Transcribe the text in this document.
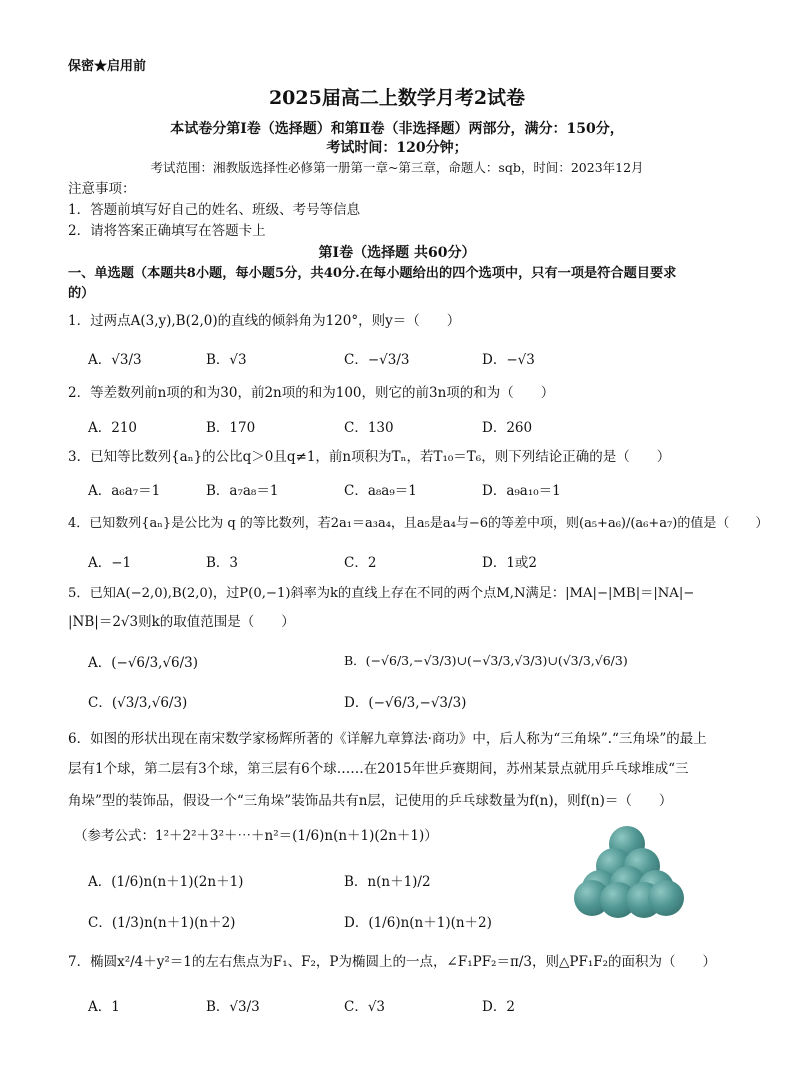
保密★启用前
2025届高二上数学月考2试卷
本试卷分第Ⅰ卷（选择题）和第Ⅱ卷（非选择题）两部分，满分：150分，
考试时间：120分钟；
考试范围：湘教版选择性必修第一册第一章~第三章，命题人：sqb，时间：2023年12月
注意事项：
1．答题前填写好自己的姓名、班级、考号等信息
2．请将答案正确填写在答题卡上
第Ⅰ卷（选择题 共60分）
一、单选题（本题共8小题，每小题5分，共40分.在每小题给出的四个选项中，只有一项是符合题目要求
的）
1．过两点A(3,y),B(2,0)的直线的倾斜角为120°，则y＝（　　）
A．√3/3	B．√3	C．−√3/3	D．−√3
2．等差数列前n项的和为30，前2n项的和为100，则它的前3n项的和为（　　）
A．210	B．170	C．130	D．260
3．已知等比数列{aₙ}的公比q＞0且q≠1，前n项积为Tₙ，若T₁₀＝T₆，则下列结论正确的是（　　）
A．a₆a₇＝1	B．a₇a₈＝1	C．a₈a₉＝1	D．a₉a₁₀＝1
4．已知数列{aₙ}是公比为 q 的等比数列，若2a₁＝a₃a₄，且a₅是a₄与−6的等差中项，则(a₅+a₆)/(a₆+a₇)的值是（　　）
A．−1	B．3	C．2	D．1或2
5．已知A(−2,0),B(2,0)，过P(0,−1)斜率为k的直线上存在不同的两个点M,N满足：|MA|−|MB|＝|NA|−
|NB|＝2√3则k的取值范围是（　　）
A．(−√6/3,√6/3)	B．(−√6/3,−√3/3)∪(−√3/3,√3/3)∪(√3/3,√6/3)
C．(√3/3,√6/3)	D．(−√6/3,−√3/3)
6．如图的形状出现在南宋数学家杨辉所著的《详解九章算法·商功》中，后人称为“三角垛”.“三角垛”的最上
层有1个球，第二层有3个球，第三层有6个球……在2015年世乒赛期间，苏州某景点就用乒乓球堆成“三
角垛”型的装饰品，假设一个“三角垛”装饰品共有n层，记使用的乒乓球数量为f(n)，则f(n)＝（　　）
（参考公式：1²＋2²＋3²＋⋯＋n²＝(1/6)n(n＋1)(2n＋1)）
A．(1/6)n(n＋1)(2n＋1)	B．n(n＋1)/2
C．(1/3)n(n＋1)(n＋2)	D．(1/6)n(n＋1)(n＋2)
7．椭圆x²/4＋y²＝1的左右焦点为F₁、F₂，P为椭圆上的一点，∠F₁PF₂＝π/3，则△PF₁F₂的面积为（　　）
A．1	B．√3/3	C．√3	D．2
